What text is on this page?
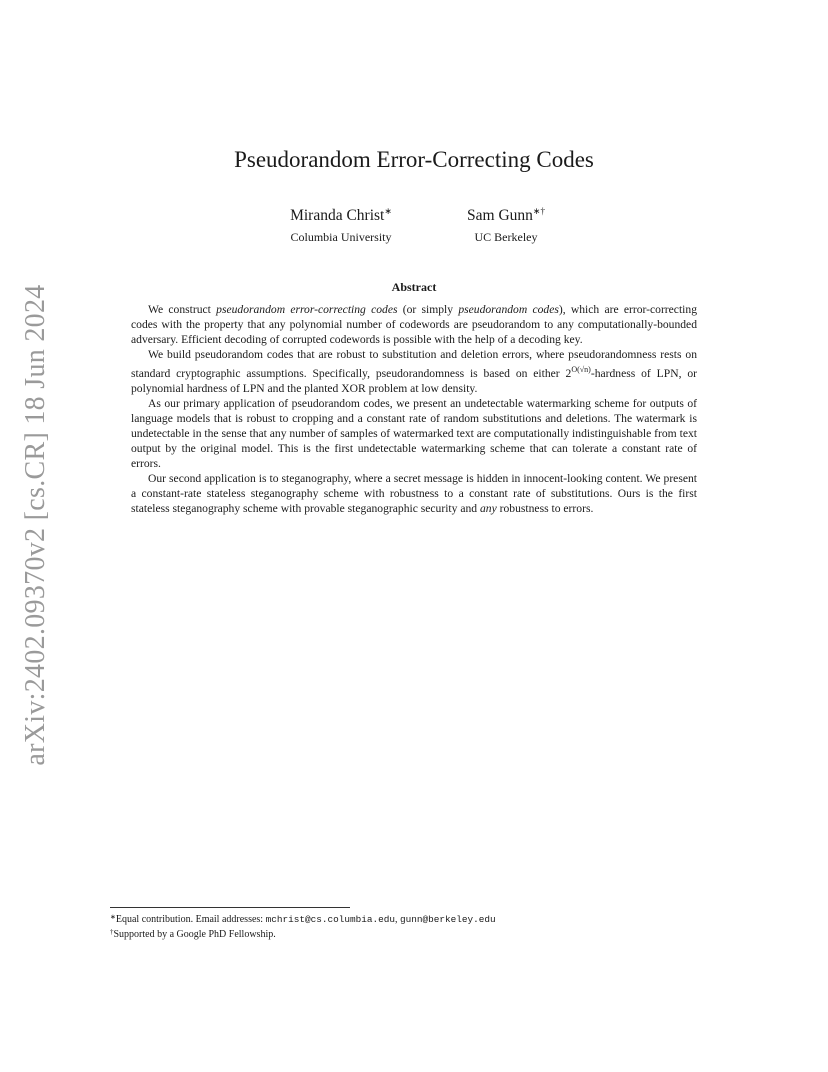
arXiv:2402.09370v2 [cs.CR] 18 Jun 2024
Pseudorandom Error-Correcting Codes
Miranda Christ∗
Columbia University
Sam Gunn∗†
UC Berkeley
Abstract

We construct pseudorandom error-correcting codes (or simply pseudorandom codes), which are error-correcting codes with the property that any polynomial number of codewords are pseudorandom to any computationally-bounded adversary. Efficient decoding of corrupted codewords is possible with the help of a decoding key.

We build pseudorandom codes that are robust to substitution and deletion errors, where pseudorandomness rests on standard cryptographic assumptions. Specifically, pseudorandomness is based on either $2^{O(√n)}$-hardness of LPN, or polynomial hardness of LPN and the planted XOR problem at low density.

As our primary application of pseudorandom codes, we present an undetectable watermarking scheme for outputs of language models that is robust to cropping and a constant rate of random substitutions and deletions. The watermark is undetectable in the sense that any number of samples of watermarked text are computationally indistinguishable from text output by the original model. This is the first undetectable watermarking scheme that can tolerate a constant rate of errors.

Our second application is to steganography, where a secret message is hidden in innocent-looking content. We present a constant-rate stateless steganography scheme with robustness to a constant rate of substitutions. Ours is the first stateless steganography scheme with provable steganographic security and any robustness to errors.

∗Equal contribution. Email addresses: mchrist@cs.columbia.edu, gunn@berkeley.edu
†Supported by a Google PhD Fellowship.
